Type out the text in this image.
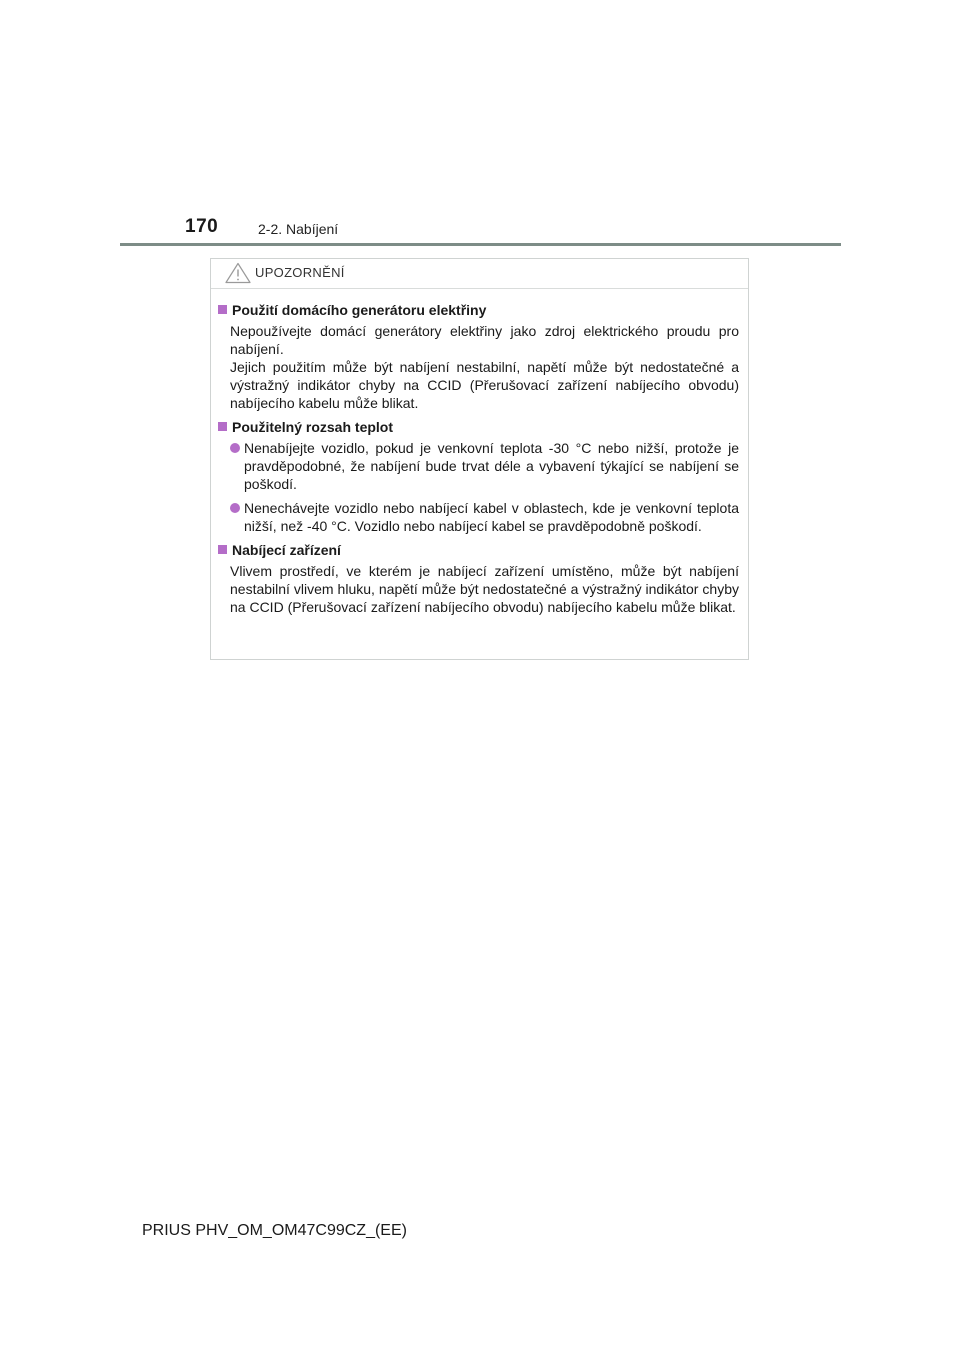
170	2-2. Nabíjení
UPOZORNĚNÍ
Použití domácího generátoru elektřiny
Nepoužívejte domácí generátory elektřiny jako zdroj elektrického proudu pro nabíjení.
Jejich použitím může být nabíjení nestabilní, napětí může být nedostatečné a výstražný indikátor chyby na CCID (Přerušovací zařízení nabíjecího obvodu) nabíjecího kabelu může blikat.
Použitelný rozsah teplot
Nenabíjejte vozidlo, pokud je venkovní teplota -30 °C nebo nižší, protože je pravděpodobné, že nabíjení bude trvat déle a vybavení týkající se nabíjení se poškodí.
Nenechávejte vozidlo nebo nabíjecí kabel v oblastech, kde je venkovní teplota nižší, než -40 °C. Vozidlo nebo nabíjecí kabel se pravděpodobně poškodí.
Nabíjecí zařízení
Vlivem prostředí, ve kterém je nabíjecí zařízení umístěno, může být nabíjení nestabilní vlivem hluku, napětí může být nedostatečné a výstražný indikátor chyby na CCID (Přerušovací zařízení nabíjecího obvodu) nabíjecího kabelu může blikat.
PRIUS PHV_OM_OM47C99CZ_(EE)
